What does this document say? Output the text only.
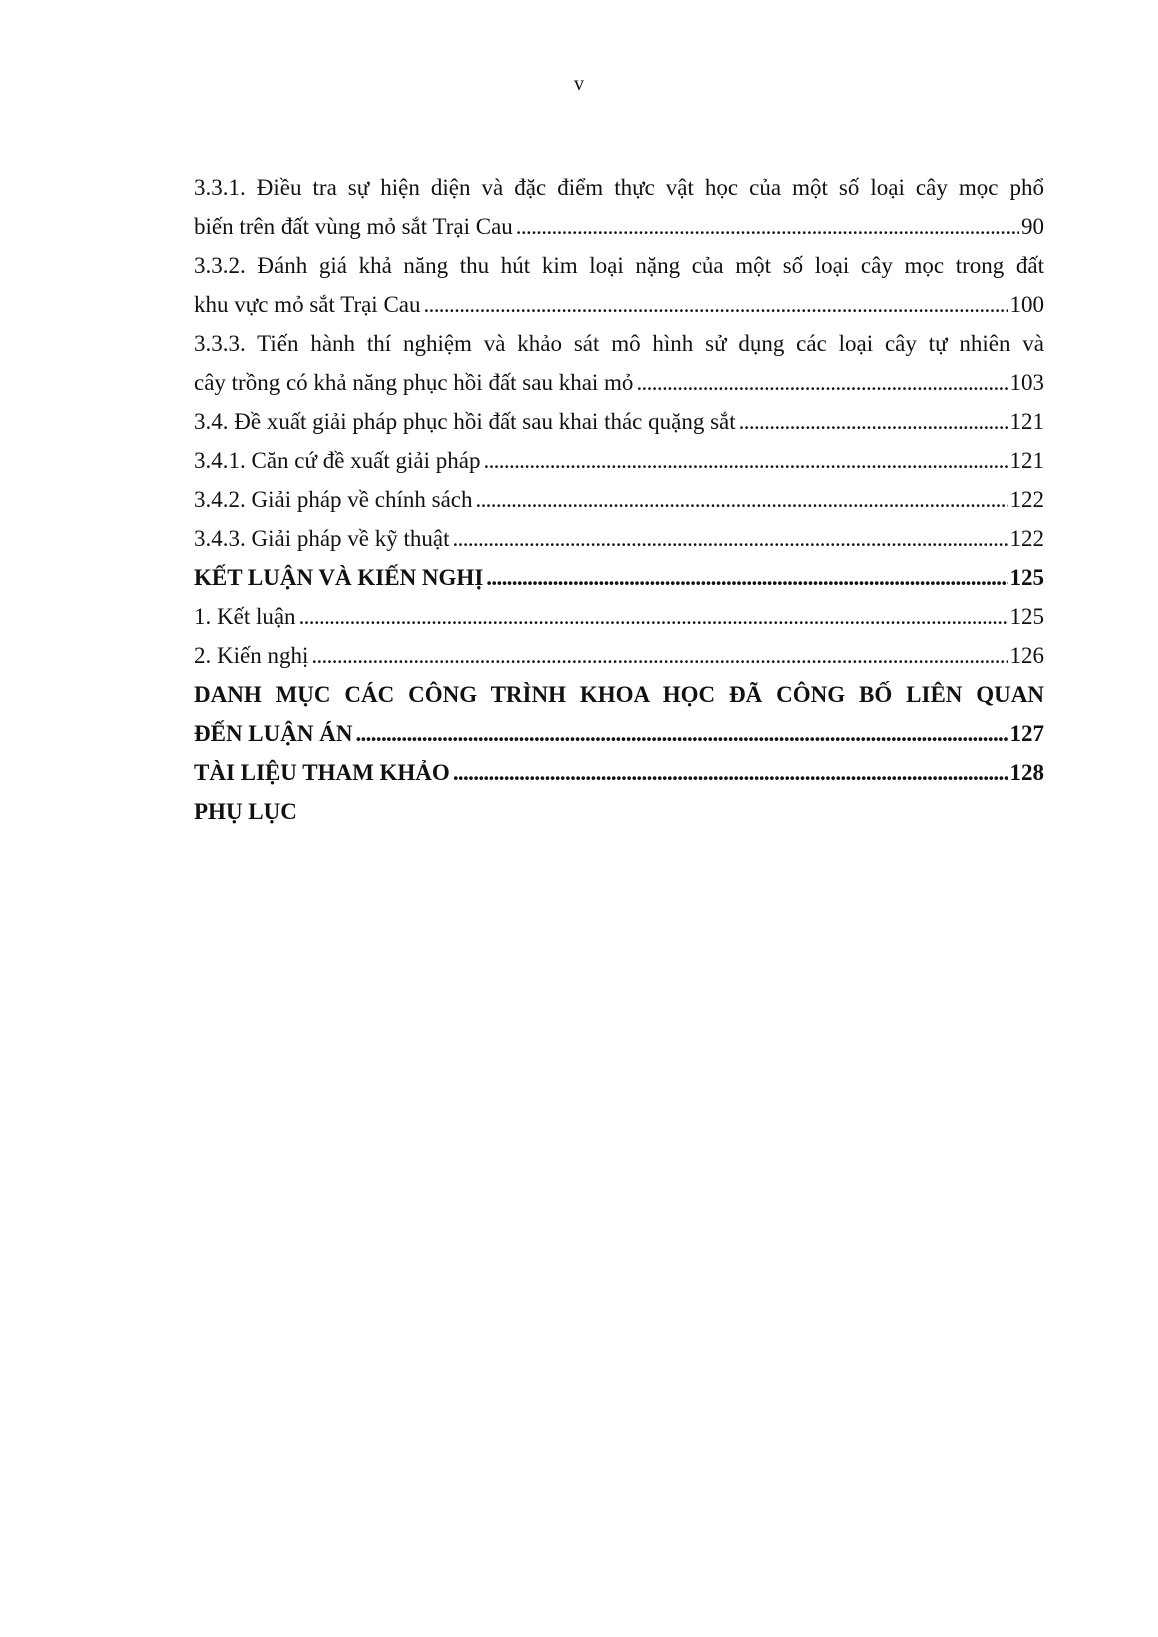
v
3.3.1. Điều tra sự hiện diện và đặc điểm thực vật học của một số loại cây mọc phổ
biến trên đất vùng mỏ sắt Trại Cau . . .	90
3.3.2. Đánh giá khả năng thu hút kim loại nặng của một số loại cây mọc trong đất
khu vực mỏ sắt Trại Cau . . .	100
3.3.3. Tiến hành thí nghiệm và khảo sát mô hình sử dụng các loại cây tự nhiên và
cây trồng có khả năng phục hồi đất sau khai mỏ . . .	103
3.4. Đề xuất giải pháp phục hồi đất sau khai thác quặng sắt . . .	121
3.4.1. Căn cứ đề xuất giải pháp . . .	121
3.4.2. Giải pháp về chính sách . . .	122
3.4.3. Giải pháp về kỹ thuật . . .	122
KẾT LUẬN VÀ KIẾN NGHỊ . . .	125
1. Kết luận . . .	125
2. Kiến nghị . . .	126
DANH MỤC CÁC CÔNG TRÌNH KHOA HỌC ĐÃ CÔNG BỐ LIÊN QUAN
ĐẾN LUẬN ÁN . . .	127
TÀI LIỆU THAM KHẢO . . .	128
PHỤ LỤC
